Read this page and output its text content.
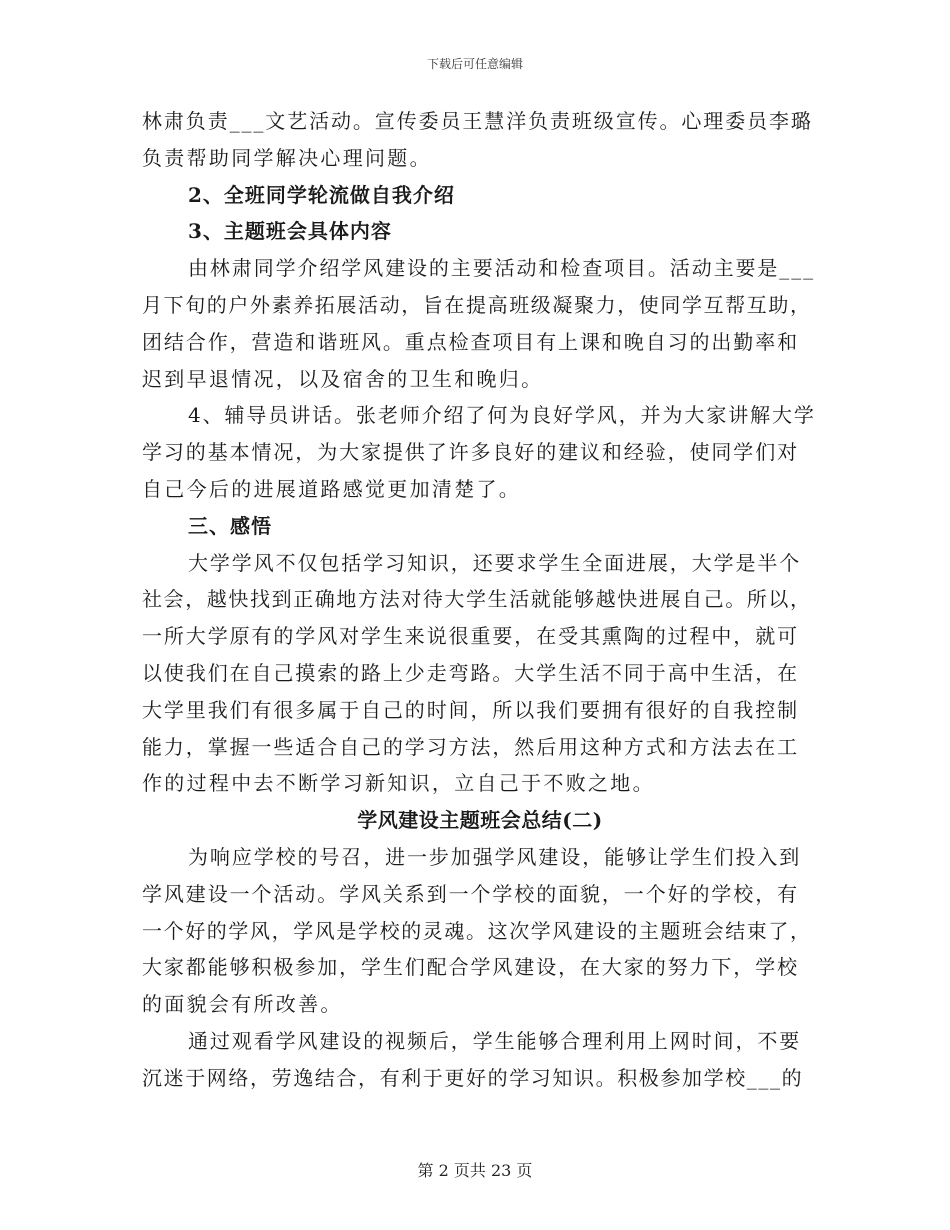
下载后可任意编辑
林肃负责___文艺活动。宣传委员王慧洋负责班级宣传。心理委员李璐
负责帮助同学解决心理问题。
2、全班同学轮流做自我介绍
3、主题班会具体内容
由林肃同学介绍学风建设的主要活动和检查项目。活动主要是___
月下旬的户外素养拓展活动，旨在提高班级凝聚力，使同学互帮互助，
团结合作，营造和谐班风。重点检查项目有上课和晚自习的出勤率和
迟到早退情况，以及宿舍的卫生和晚归。
4、辅导员讲话。张老师介绍了何为良好学风，并为大家讲解大学
学习的基本情况，为大家提供了许多良好的建议和经验，使同学们对
自己今后的进展道路感觉更加清楚了。
三、感悟
大学学风不仅包括学习知识，还要求学生全面进展，大学是半个
社会，越快找到正确地方法对待大学生活就能够越快进展自己。所以，
一所大学原有的学风对学生来说很重要，在受其熏陶的过程中，就可
以使我们在自己摸索的路上少走弯路。大学生活不同于高中生活，在
大学里我们有很多属于自己的时间，所以我们要拥有很好的自我控制
能力，掌握一些适合自己的学习方法，然后用这种方式和方法去在工
作的过程中去不断学习新知识，立自己于不败之地。
学风建设主题班会总结(二)
为响应学校的号召，进一步加强学风建设，能够让学生们投入到
学风建设一个活动。学风关系到一个学校的面貌，一个好的学校，有
一个好的学风，学风是学校的灵魂。这次学风建设的主题班会结束了，
大家都能够积极参加，学生们配合学风建设，在大家的努力下，学校
的面貌会有所改善。
通过观看学风建设的视频后，学生能够合理利用上网时间，不要
沉迷于网络，劳逸结合，有利于更好的学习知识。积极参加学校___的
第 2 页共 23 页
